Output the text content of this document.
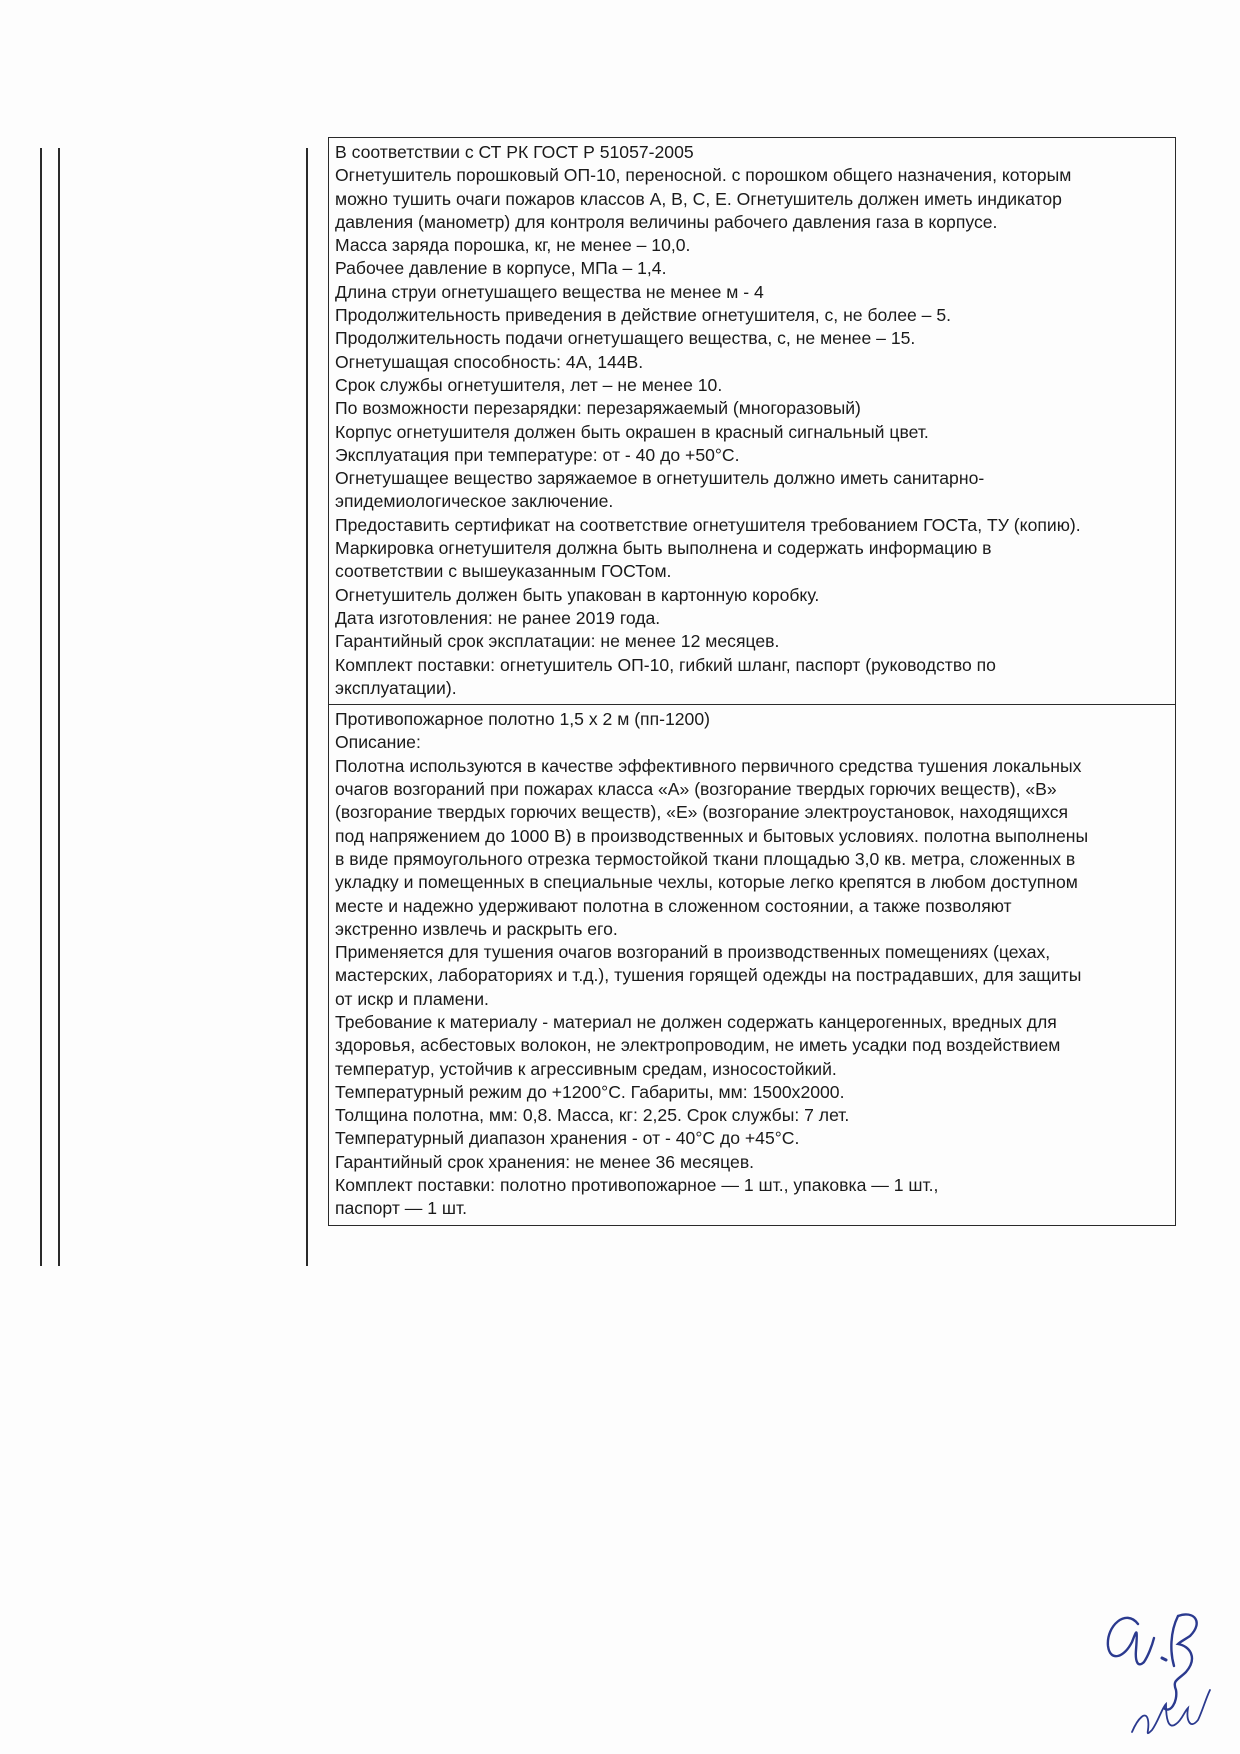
В соответствии с СТ РК ГОСТ Р 51057-2005
Огнетушитель порошковый ОП-10, переносной. с порошком общего назначения, которым
можно тушить очаги пожаров классов А, В, С, Е. Огнетушитель должен иметь индикатор
давления (манометр) для контроля величины рабочего давления газа в корпусе.
Масса заряда порошка, кг, не менее – 10,0.
Рабочее давление в корпусе, МПа – 1,4.
Длина струи огнетушащего вещества не менее м - 4
Продолжительность приведения в действие огнетушителя, с, не более – 5.
Продолжительность подачи огнетушащего вещества, с, не менее – 15.
Огнетушащая способность: 4А, 144В.
Срок службы огнетушителя, лет – не менее 10.
По возможности перезарядки: перезаряжаемый (многоразовый)
Корпус огнетушителя должен быть окрашен в красный сигнальный цвет.
Эксплуатация при температуре: от - 40 до +50°С.
Огнетушащее вещество заряжаемое в огнетушитель должно иметь санитарно-
эпидемиологическое заключение.
Предоставить сертификат на соответствие огнетушителя требованием ГОСТа, ТУ (копию).
Маркировка огнетушителя должна быть выполнена и содержать информацию в
соответствии с вышеуказанным ГОСТом.
Огнетушитель должен быть упакован в картонную коробку.
Дата изготовления: не ранее 2019 года.
Гарантийный срок эксплатации: не менее 12 месяцев.
Комплект поставки: огнетушитель ОП-10, гибкий шланг, паспорт (руководство по
эксплуатации).
Противопожарное полотно 1,5 х 2 м (пп-1200)
Описание:
Полотна используются в качестве эффективного первичного средства тушения локальных
очагов возгораний при пожарах класса «А» (возгорание твердых горючих веществ), «В»
(возгорание твердых горючих веществ), «Е» (возгорание электроустановок, находящихся
под напряжением до 1000 В) в производственных и бытовых условиях. полотна выполнены
в виде прямоугольного отрезка термостойкой ткани площадью 3,0 кв. метра, сложенных в
укладку и помещенных в специальные чехлы, которые легко крепятся в любом доступном
месте и надежно удерживают полотна в сложенном состоянии, а также позволяют
экстренно извлечь и раскрыть его.
Применяется для тушения очагов возгораний в производственных помещениях (цехах,
мастерских, лабораториях и т.д.), тушения горящей одежды на пострадавших, для защиты
от искр и пламени.
Требование к материалу - материал не должен содержать канцерогенных, вредных для
здоровья, асбестовых волокон, не электропроводим, не иметь усадки под воздействием
температур, устойчив к агрессивным средам, износостойкий.
Температурный режим до +1200°С. Габариты, мм: 1500х2000.
Толщина полотна, мм: 0,8. Масса, кг: 2,25. Срок службы: 7 лет.
Температурный диапазон хранения - от - 40°С до +45°С.
Гарантийный срок хранения: не менее 36 месяцев.
Комплект поставки: полотно противопожарное — 1 шт., упаковка — 1 шт.,
паспорт — 1 шт.
